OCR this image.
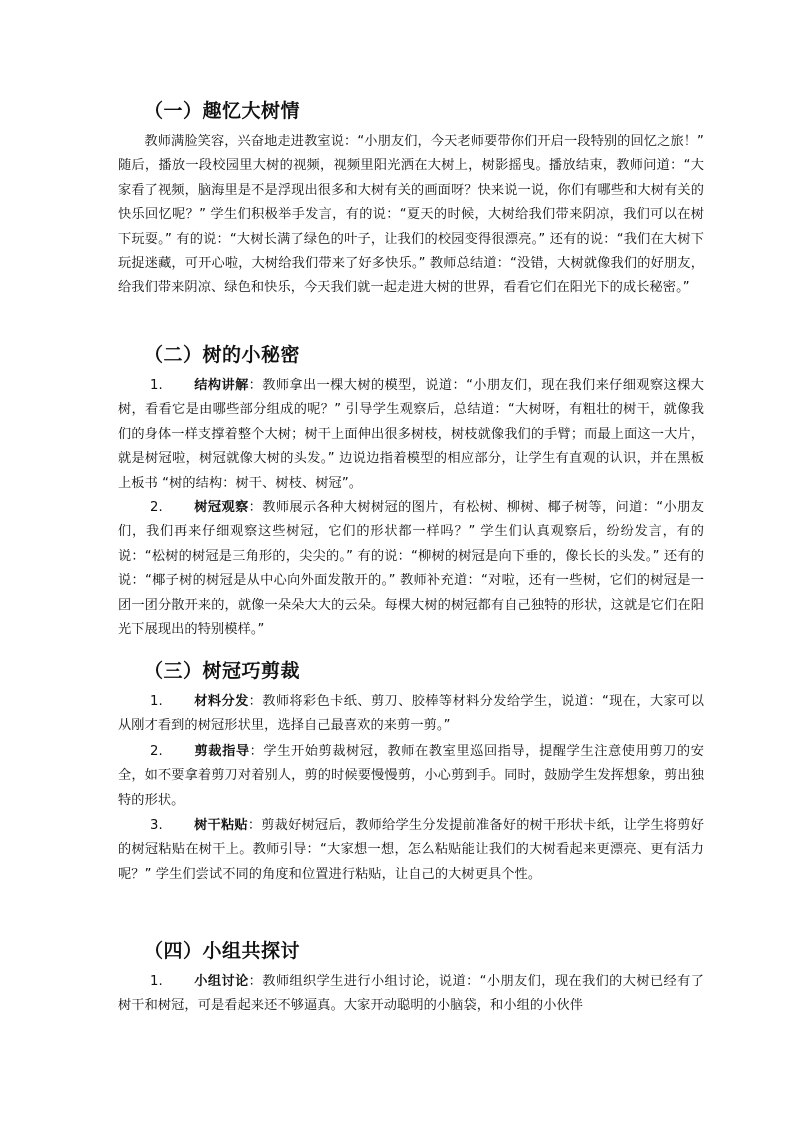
（一）趣忆大树情

教师满脸笑容，兴奋地走进教室说：“小朋友们，今天老师要带你们开启一段特别的回忆之旅！” 随后，播放一段校园里大树的视频，视频里阳光洒在大树上，树影摇曳。播放结束，教师问道：“大家看了视频，脑海里是不是浮现出很多和大树有关的画面呀？快来说一说，你们有哪些和大树有关的快乐回忆呢？” 学生们积极举手发言，有的说：“夏天的时候，大树给我们带来阴凉，我们可以在树下玩耍。” 有的说：“大树长满了绿色的叶子，让我们的校园变得很漂亮。” 还有的说：“我们在大树下玩捉迷藏，可开心啦，大树给我们带来了好多快乐。” 教师总结道：“没错，大树就像我们的好朋友，给我们带来阴凉、绿色和快乐，今天我们就一起走进大树的世界，看看它们在阳光下的成长秘密。”

（二）树的小秘密

1. 结构讲解：教师拿出一棵大树的模型，说道：“小朋友们，现在我们来仔细观察这棵大树，看看它是由哪些部分组成的呢？” 引导学生观察后，总结道：“大树呀，有粗壮的树干，就像我们的身体一样支撑着整个大树；树干上面伸出很多树枝，树枝就像我们的手臂；而最上面这一大片，就是树冠啦，树冠就像大树的头发。” 边说边指着模型的相应部分，让学生有直观的认识，并在黑板上板书 “树的结构：树干、树枝、树冠”。

2. 树冠观察：教师展示各种大树树冠的图片，有松树、柳树、椰子树等，问道：“小朋友们，我们再来仔细观察这些树冠，它们的形状都一样吗？” 学生们认真观察后，纷纷发言，有的说：“松树的树冠是三角形的，尖尖的。” 有的说：“柳树的树冠是向下垂的，像长长的头发。” 还有的说：“椰子树的树冠是从中心向外面发散开的。” 教师补充道：“对啦，还有一些树，它们的树冠是一团一团分散开来的，就像一朵朵大大的云朵。每棵大树的树冠都有自己独特的形状，这就是它们在阳光下展现出的特别模样。”

（三）树冠巧剪裁

1. 材料分发：教师将彩色卡纸、剪刀、胶棒等材料分发给学生，说道：“现在，大家可以从刚才看到的树冠形状里，选择自己最喜欢的来剪一剪。”

2. 剪裁指导：学生开始剪裁树冠，教师在教室里巡回指导，提醒学生注意使用剪刀的安全，如不要拿着剪刀对着别人，剪的时候要慢慢剪，小心剪到手。同时，鼓励学生发挥想象，剪出独特的形状。

3. 树干粘贴：剪裁好树冠后，教师给学生分发提前准备好的树干形状卡纸，让学生将剪好的树冠粘贴在树干上。教师引导：“大家想一想，怎么粘贴能让我们的大树看起来更漂亮、更有活力呢？” 学生们尝试不同的角度和位置进行粘贴，让自己的大树更具个性。

（四）小组共探讨

1. 小组讨论：教师组织学生进行小组讨论，说道：“小朋友们，现在我们的大树已经有了树干和树冠，可是看起来还不够逼真。大家开动聪明的小脑袋，和小组的小伙伴
